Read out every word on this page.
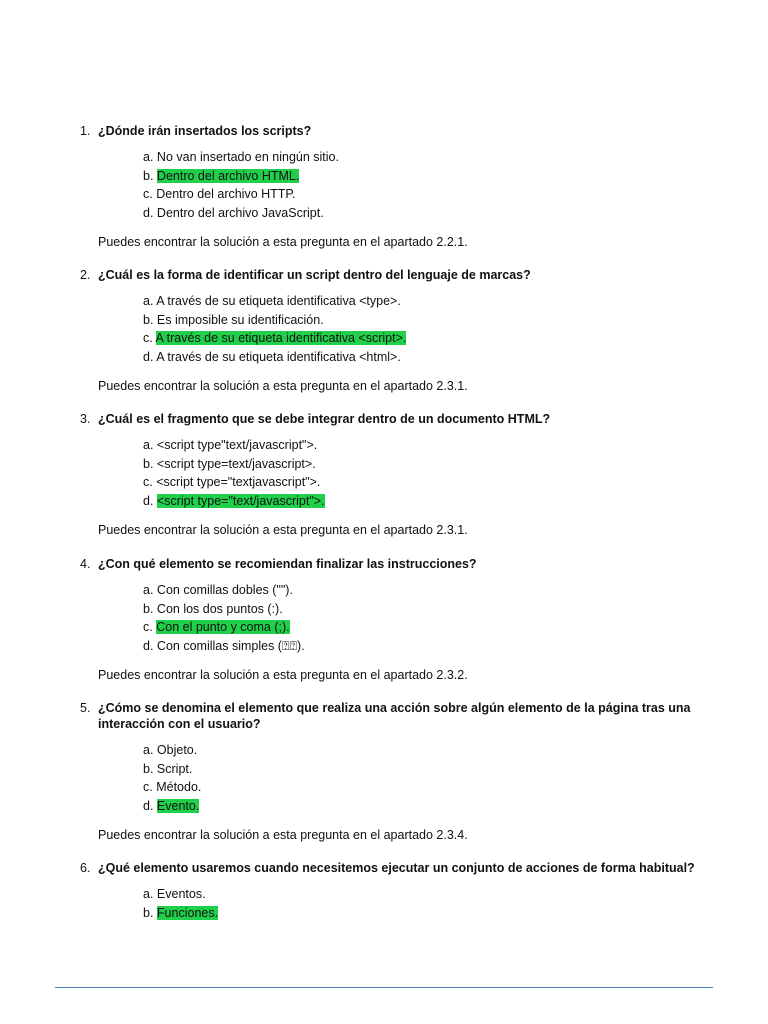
1. ¿Dónde irán insertados los scripts?
a. No van insertado en ningún sitio.
b. Dentro del archivo HTML.
c. Dentro del archivo HTTP.
d. Dentro del archivo JavaScript.
Puedes encontrar la solución a esta pregunta en el apartado 2.2.1.
2. ¿Cuál es la forma de identificar un script dentro del lenguaje de marcas?
a. A través de su etiqueta identificativa <type>.
b. Es imposible su identificación.
c. A través de su etiqueta identificativa <script>.
d. A través de su etiqueta identificativa <html>.
Puedes encontrar la solución a esta pregunta en el apartado 2.3.1.
3. ¿Cuál es el fragmento que se debe integrar dentro de un documento HTML?
a. <script type"text/javascript">.
b. <script type=text/javascript>.
c. <script type="textjavascript">.
d. <script type="text/javascript">.
Puedes encontrar la solución a esta pregunta en el apartado 2.3.1.
4. ¿Con qué elemento se recomiendan finalizar las instrucciones?
a. Con comillas dobles ("").
b. Con los dos puntos (:).
c. Con el punto y coma (;).
d. Con comillas simples (⍰⍰).
Puedes encontrar la solución a esta pregunta en el apartado 2.3.2.
5. ¿Cómo se denomina el elemento que realiza una acción sobre algún elemento de la página tras una interacción con el usuario?
a. Objeto.
b. Script.
c. Método.
d. Evento.
Puedes encontrar la solución a esta pregunta en el apartado 2.3.4.
6. ¿Qué elemento usaremos cuando necesitemos ejecutar un conjunto de acciones de forma habitual?
a. Eventos.
b. Funciones.
